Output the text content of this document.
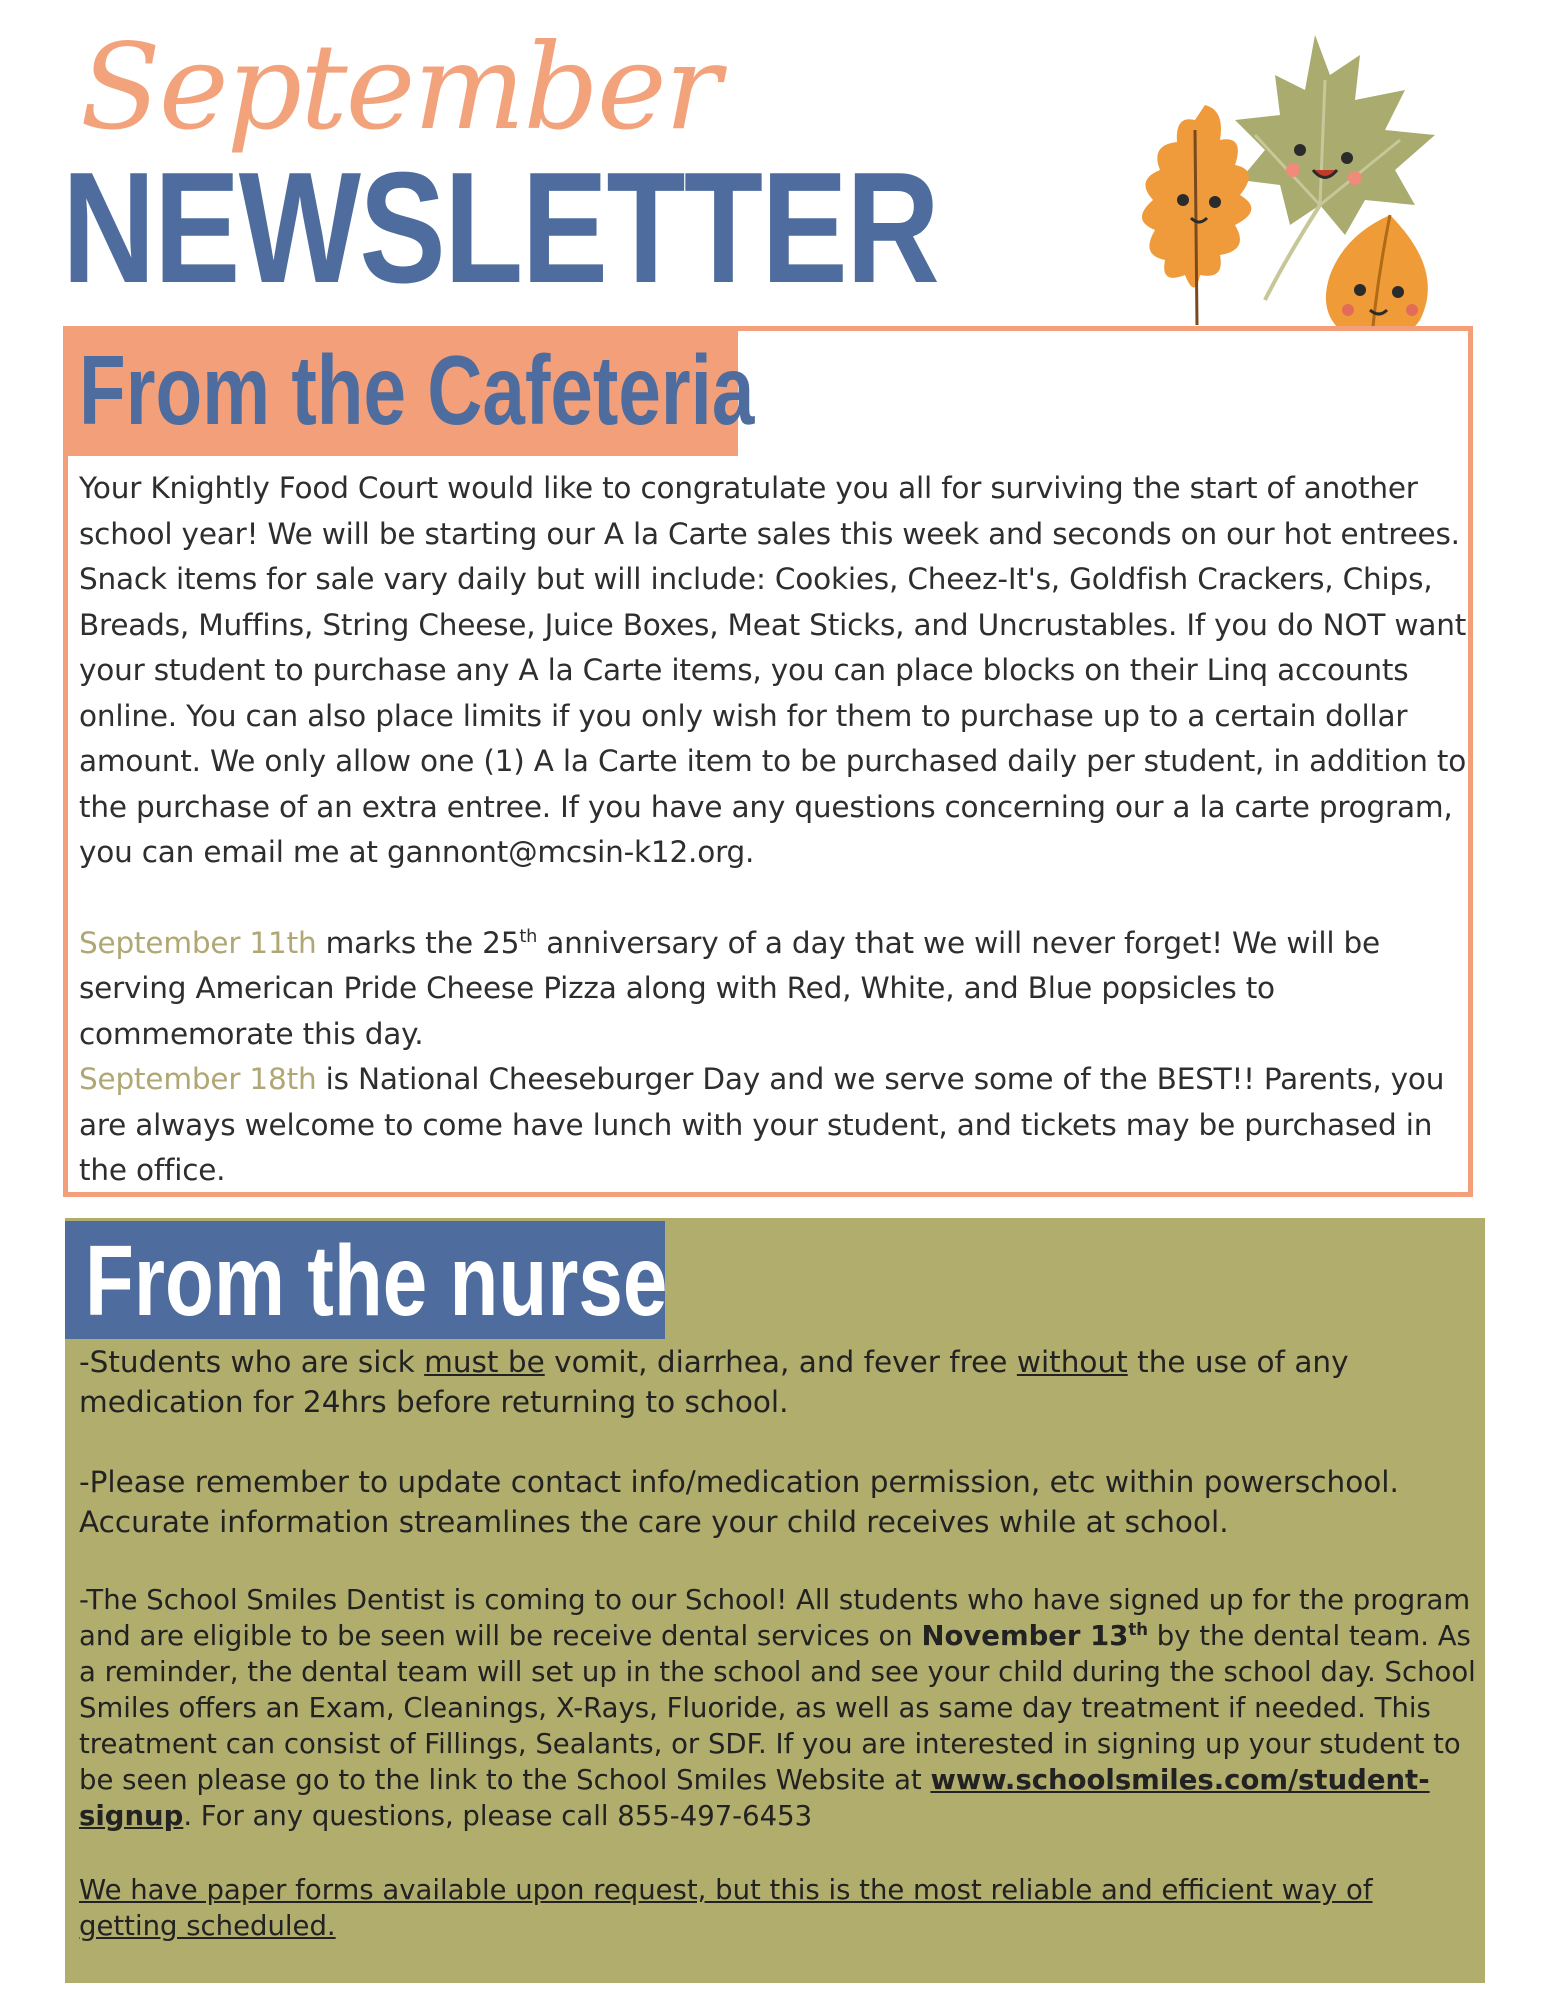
September
NEWSLETTER
From the Cafeteria

Your Knightly Food Court would like to congratulate you all for surviving the start of another school year! We will be starting our A la Carte sales this week and seconds on our hot entrees. Snack items for sale vary daily but will include: Cookies, Cheez-It's, Goldfish Crackers, Chips, Breads, Muffins, String Cheese, Juice Boxes, Meat Sticks, and Uncrustables. If you do NOT want your student to purchase any A la Carte items, you can place blocks on their Linq accounts online. You can also place limits if you only wish for them to purchase up to a certain dollar amount. We only allow one (1) A la Carte item to be purchased daily per student, in addition to the purchase of an extra entree. If you have any questions concerning our a la carte program, you can email me at gannont@mcsin-k12.org.

September 11th marks the 25th anniversary of a day that we will never forget! We will be serving American Pride Cheese Pizza along with Red, White, and Blue popsicles to commemorate this day.

September 18th is National Cheeseburger Day and we serve some of the BEST!! Parents, you are always welcome to come have lunch with your student, and tickets may be purchased in the office.

From the nurse

-Students who are sick must be vomit, diarrhea, and fever free without the use of any medication for 24hrs before returning to school.

-Please remember to update contact info/medication permission, etc within powerschool. Accurate information streamlines the care your child receives while at school.

-The School Smiles Dentist is coming to our School! All students who have signed up for the program and are eligible to be seen will be receive dental services on November 13th by the dental team. As a reminder, the dental team will set up in the school and see your child during the school day. School Smiles offers an Exam, Cleanings, X-Rays, Fluoride, as well as same day treatment if needed. This treatment can consist of Fillings, Sealants, or SDF. If you are interested in signing up your student to be seen please go to the link to the School Smiles Website at www.schoolsmiles.com/student-signup. For any questions, please call 855-497-6453

We have paper forms available upon request, but this is the most reliable and efficient way of getting scheduled.
